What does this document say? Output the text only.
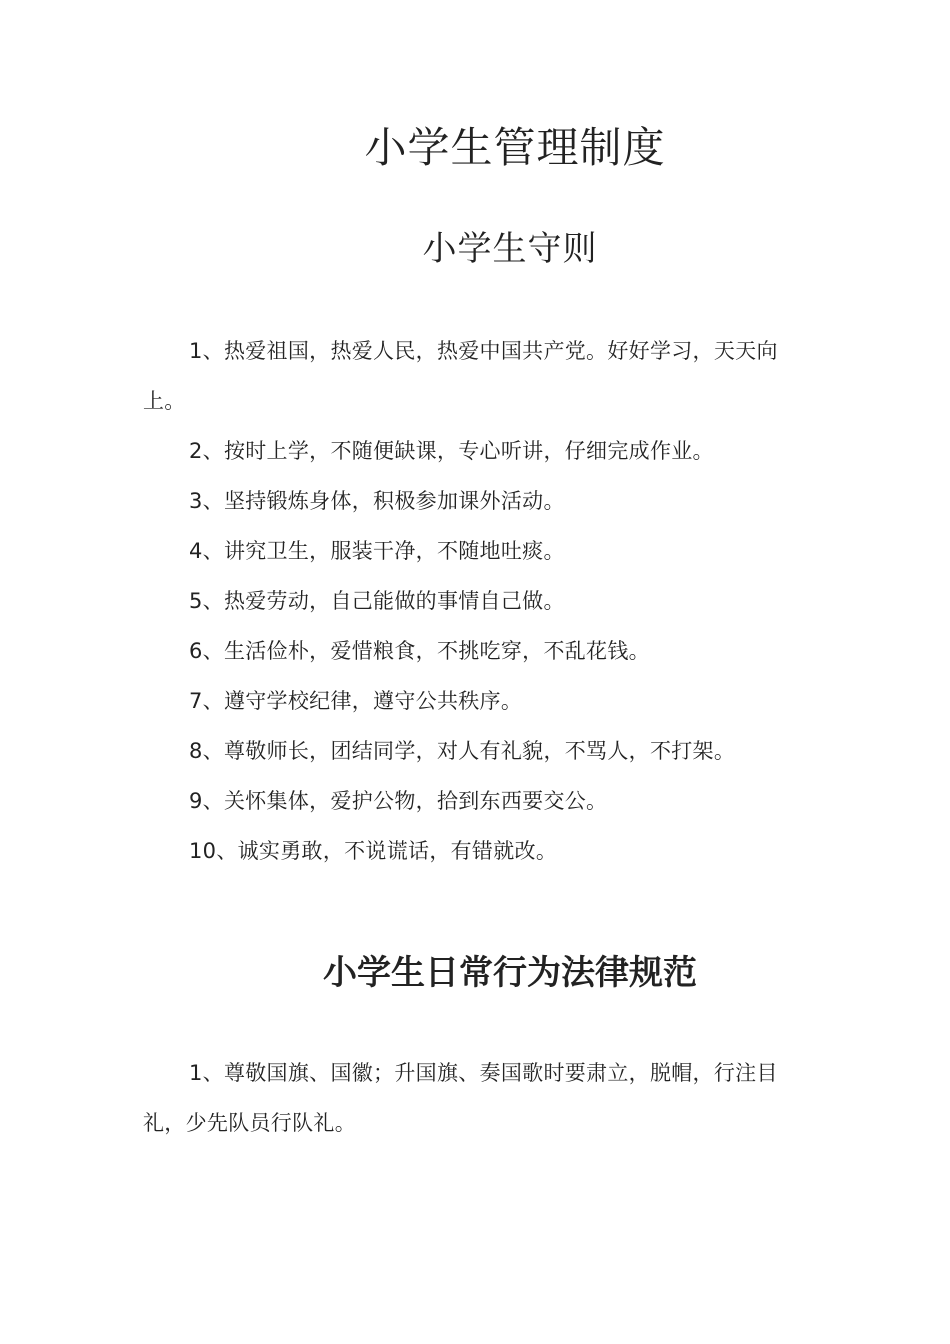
小学生管理制度
小学生守则
1、热爱祖国，热爱人民，热爱中国共产党。好好学习，天天向上。
2、按时上学，不随便缺课，专心听讲，仔细完成作业。
3、坚持锻炼身体，积极参加课外活动。
4、讲究卫生，服装干净，不随地吐痰。
5、热爱劳动，自己能做的事情自己做。
6、生活俭朴，爱惜粮食，不挑吃穿，不乱花钱。
7、遵守学校纪律，遵守公共秩序。
8、尊敬师长，团结同学，对人有礼貌，不骂人，不打架。
9、关怀集体，爱护公物，拾到东西要交公。
10、诚实勇敢，不说谎话，有错就改。
小学生日常行为法律规范
1、尊敬国旗、国徽；升国旗、奏国歌时要肃立，脱帽，行注目礼，少先队员行队礼。
